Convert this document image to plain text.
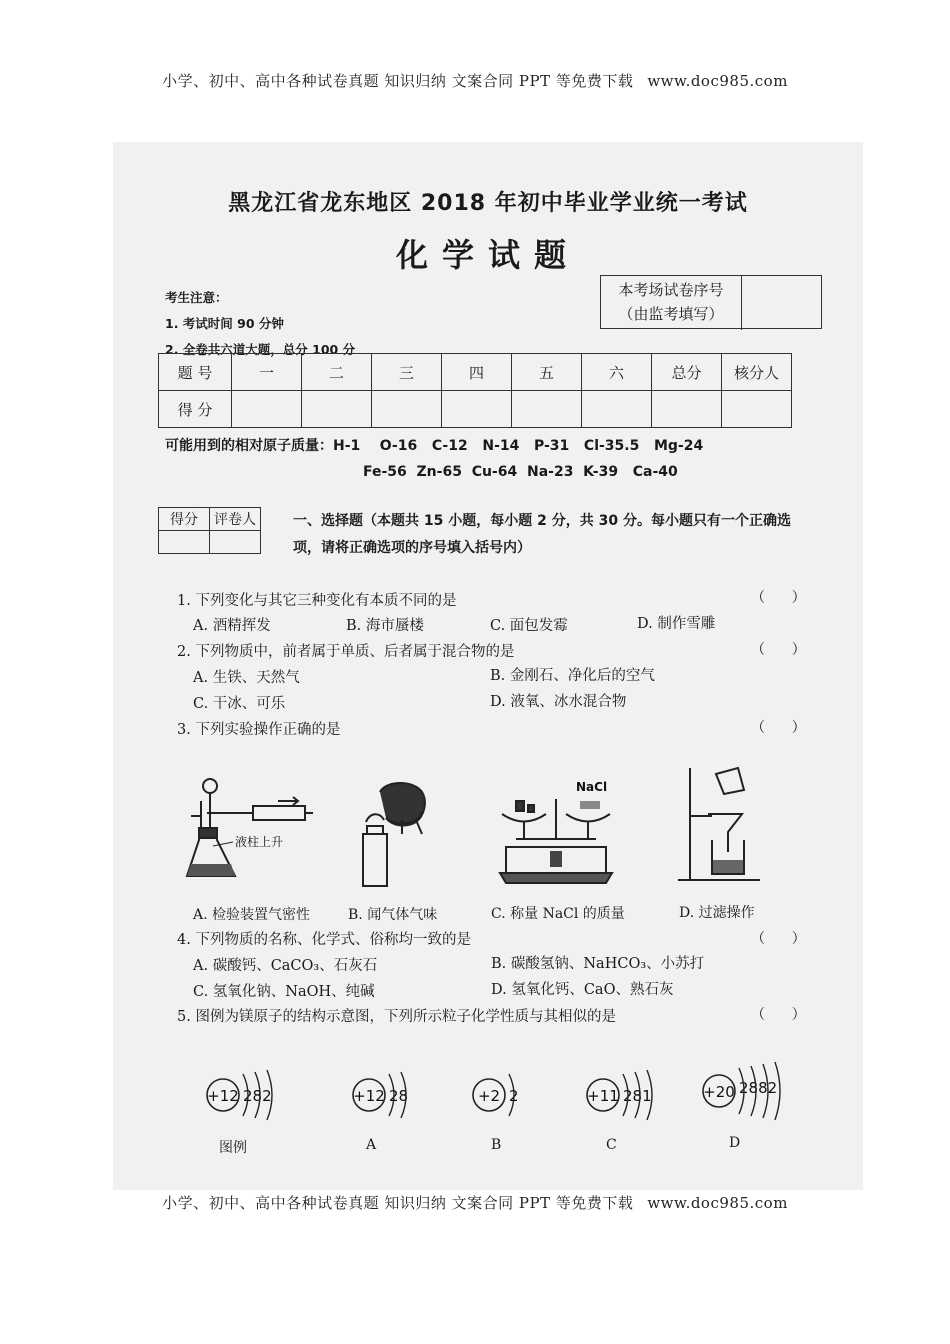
小学、初中、高中各种试卷真题 知识归纳 文案合同 PPT 等免费下载 www.doc985.com
黑龙江省龙东地区 2018 年初中毕业学业统一考试
化学试题
本考场试卷序号
（由监考填写）
考生注意：
1. 考试时间 90 分钟
2. 全卷共六道大题，总分 100 分
题 号	一	二	三	四	五	六	总分	核分人
得 分								
可能用到的相对原子质量：H-1    O-16   C-12   N-14   P-31   Cl-35.5   Mg-24
Fe-56  Zn-65  Cu-64  Na-23  K-39   Ca-40
得分	评卷人
		一、选择题（本题共 15 小题，每小题 2 分，共 30 分。每小题只有一个正确选项，请将正确选项的序号填入括号内）
1. 下列变化与其它三种变化有本质不同的是	（      ）
A. 酒精挥发	B. 海市蜃楼	C. 面包发霉	D. 制作雪雕
2. 下列物质中，前者属于单质、后者属于混合物的是	（      ）
A. 生铁、天然气	B. 金刚石、净化后的空气
C. 干冰、可乐	D. 液氧、冰水混合物
3. 下列实验操作正确的是	（      ）
液柱上升
NaCl
A. 检验装置气密性	B. 闻气体气味	C. 称量 NaCl 的质量	D. 过滤操作
4. 下列物质的名称、化学式、俗称均一致的是	（      ）
A. 碳酸钙、CaCO₃、石灰石	B. 碳酸氢钠、NaHCO₃、小苏打
C. 氢氧化钠、NaOH、纯碱	D. 氢氧化钙、CaO、熟石灰
5. 图例为镁原子的结构示意图，下列所示粒子化学性质与其相似的是	（      ）
+12 282	+12 28	+2 2	+11 281	+20 2882
图例	A	B	C	D
小学、初中、高中各种试卷真题 知识归纳 文案合同 PPT 等免费下载 www.doc985.com
